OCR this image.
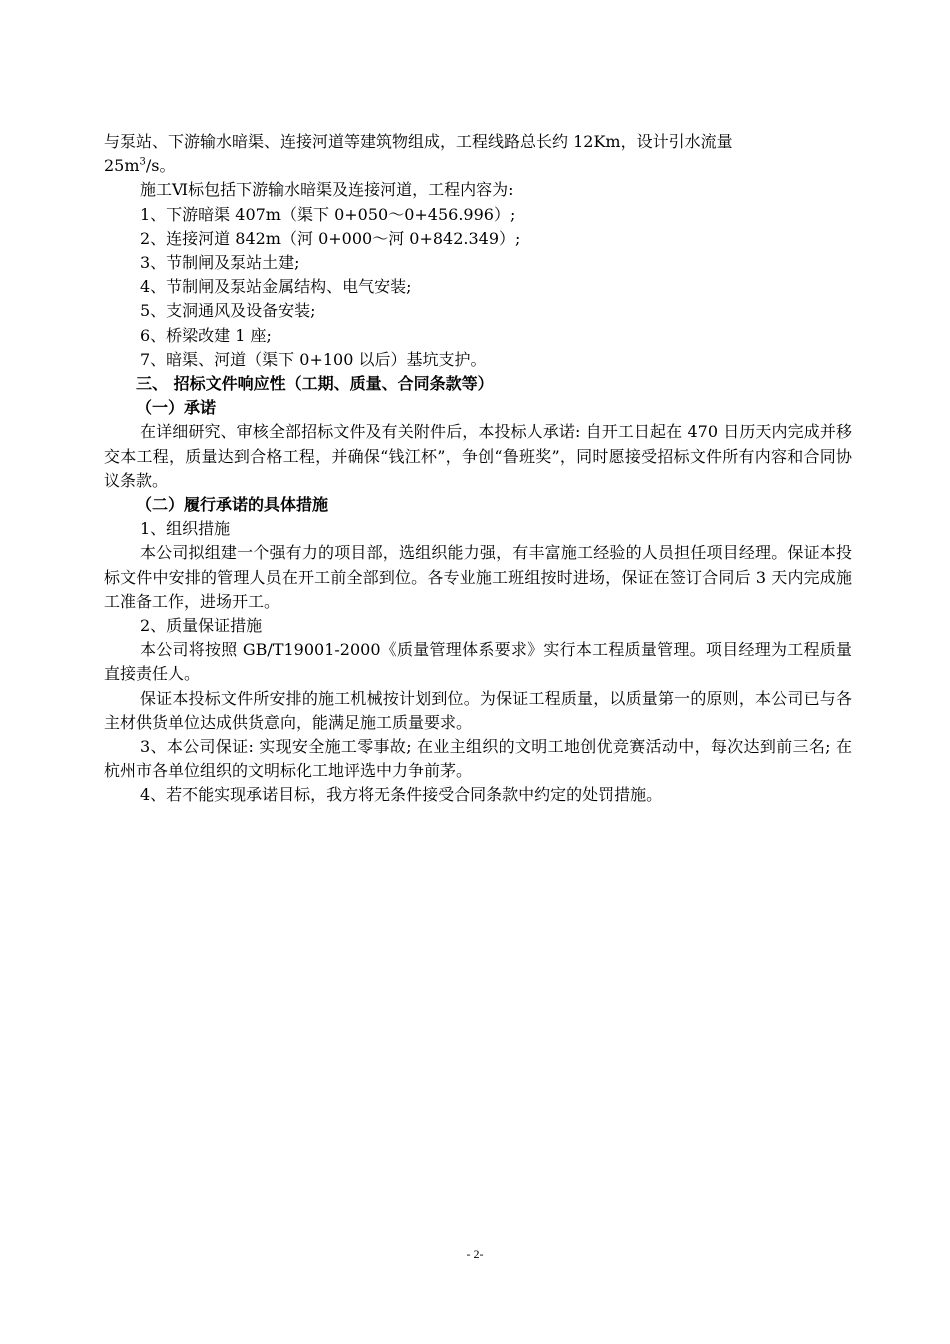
与泵站、下游输水暗渠、连接河道等建筑物组成，工程线路总长约 12Km，设计引水流量

$25m^3/s$。

施工Ⅵ标包括下游输水暗渠及连接河道，工程内容为:

1、下游暗渠 407m（渠下 0+050～0+456.996）;

2、连接河道 842m（河 0+000～河 0+842.349）;

3、节制闸及泵站土建;

4、节制闸及泵站金属结构、电气安装;

5、支洞通风及设备安装;

6、桥梁改建 1 座;

7、暗渠、河道（渠下 0+100 以后）基坑支护。

三、 招标文件响应性（工期、质量、合同条款等）

（一）承诺

在详细研究、审核全部招标文件及有关附件后，本投标人承诺: 自开工日起在 470 日历天内完成并移交本工程，质量达到合格工程，并确保“钱江杯”，争创“鲁班奖”，同时愿接受招标文件所有内容和合同协议条款。

（二）履行承诺的具体措施

1、组织措施

本公司拟组建一个强有力的项目部，选组织能力强，有丰富施工经验的人员担任项目经理。保证本投标文件中安排的管理人员在开工前全部到位。各专业施工班组按时进场，保证在签订合同后 3 天内完成施工准备工作，进场开工。

2、质量保证措施

本公司将按照 GB/T19001-2000《质量管理体系要求》实行本工程质量管理。项目经理为工程质量直接责任人。

保证本投标文件所安排的施工机械按计划到位。为保证工程质量，以质量第一的原则，本公司已与各主材供货单位达成供货意向，能满足施工质量要求。

3、本公司保证: 实现安全施工零事故; 在业主组织的文明工地创优竞赛活动中，每次达到前三名; 在杭州市各单位组织的文明标化工地评选中力争前茅。

4、若不能实现承诺目标，我方将无条件接受合同条款中约定的处罚措施。

- 2-
